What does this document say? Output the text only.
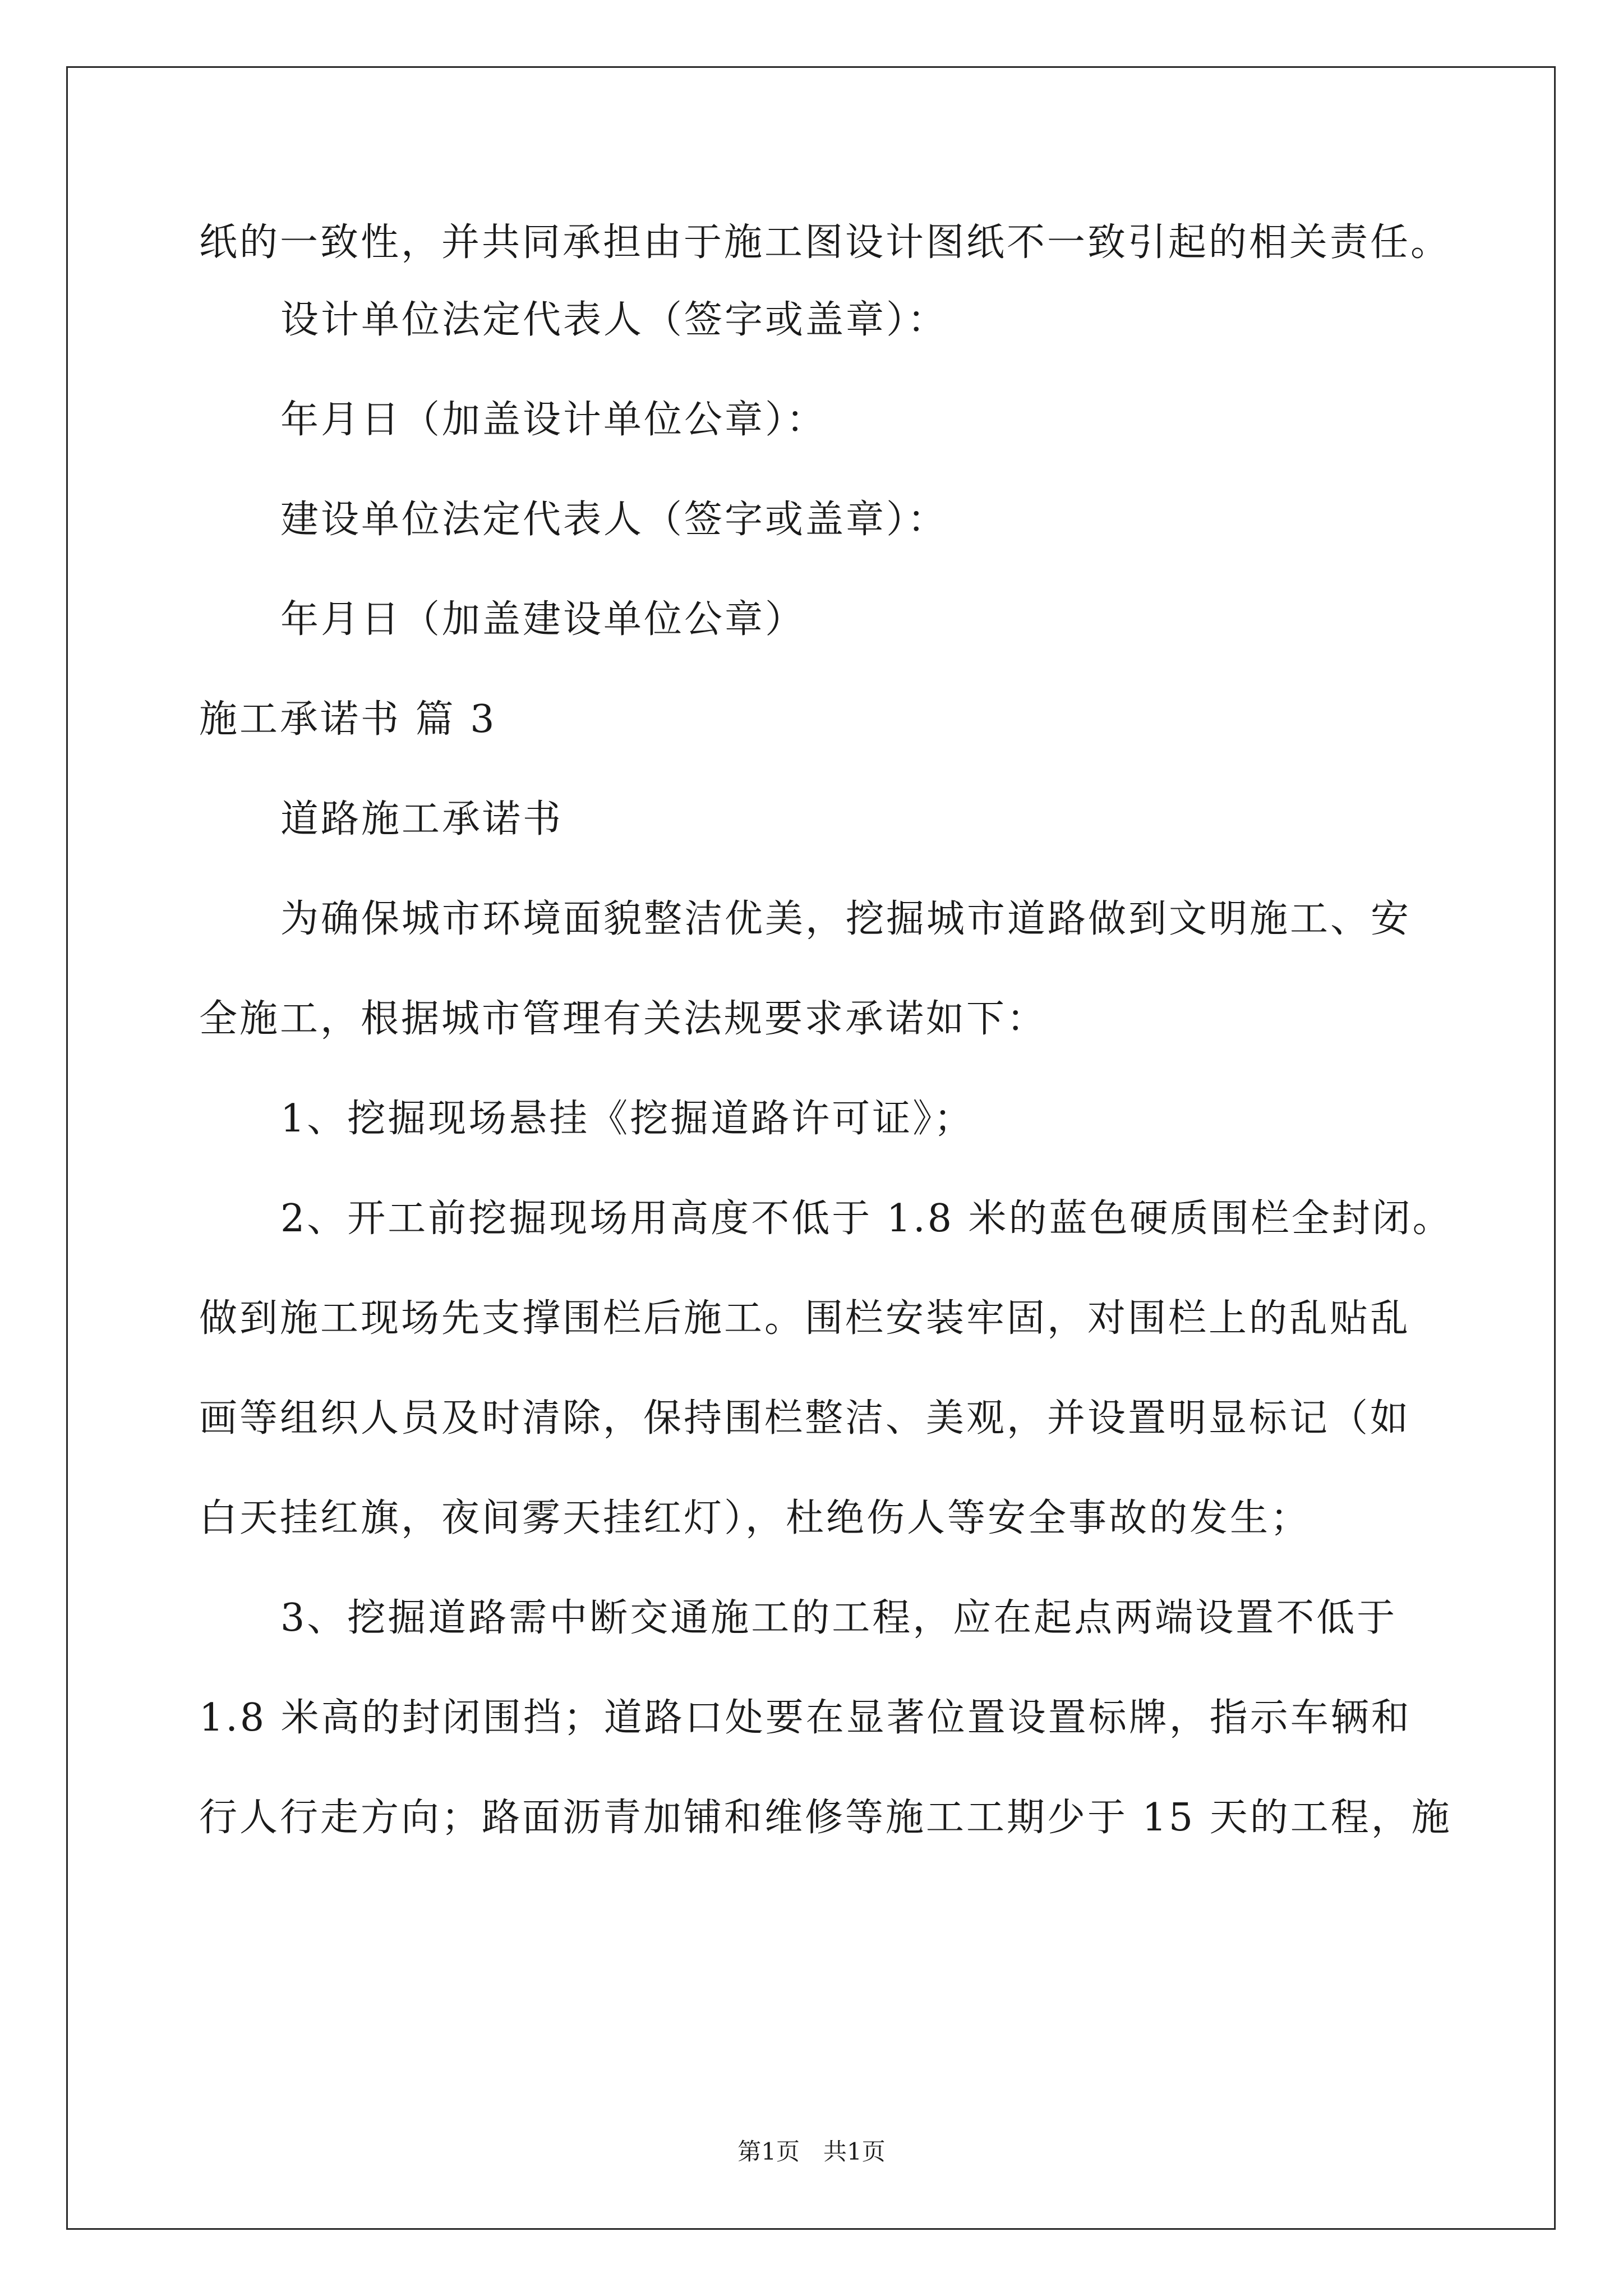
纸的一致性，并共同承担由于施工图设计图纸不一致引起的相关责任。
设计单位法定代表人（签字或盖章）：
年月日（加盖设计单位公章）：
建设单位法定代表人（签字或盖章）：
年月日（加盖建设单位公章）
施工承诺书 篇 3
道路施工承诺书
为确保城市环境面貌整洁优美，挖掘城市道路做到文明施工、安
全施工，根据城市管理有关法规要求承诺如下：
1、挖掘现场悬挂《挖掘道路许可证》；
2、开工前挖掘现场用高度不低于 1.8 米的蓝色硬质围栏全封闭。
做到施工现场先支撑围栏后施工。围栏安装牢固，对围栏上的乱贴乱
画等组织人员及时清除，保持围栏整洁、美观，并设置明显标记（如
白天挂红旗，夜间雾天挂红灯），杜绝伤人等安全事故的发生；
3、挖掘道路需中断交通施工的工程，应在起点两端设置不低于
1.8 米高的封闭围挡；道路口处要在显著位置设置标牌，指示车辆和
行人行走方向；路面沥青加铺和维修等施工工期少于 15 天的工程，施
第1页　共1页
